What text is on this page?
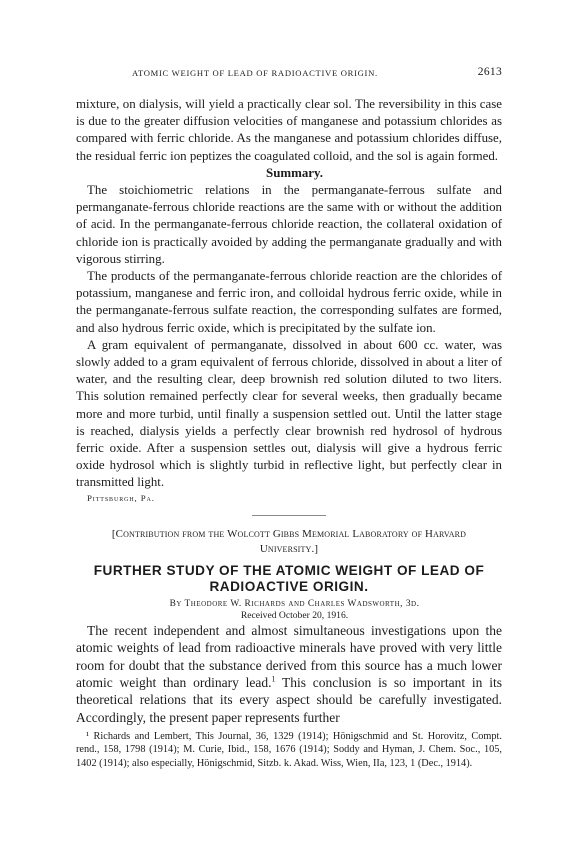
ATOMIC WEIGHT OF LEAD OF RADIOACTIVE ORIGIN.	2613

mixture, on dialysis, will yield a practically clear sol. The reversibility in this case is due to the greater diffusion velocities of manganese and potassium chlorides as compared with ferric chloride. As the manganese and potassium chlorides diffuse, the residual ferric ion peptizes the coagulated colloid, and the sol is again formed.

Summary.

The stoichiometric relations in the permanganate-ferrous sulfate and permanganate-ferrous chloride reactions are the same with or without the addition of acid. In the permanganate-ferrous chloride reaction, the collateral oxidation of chloride ion is practically avoided by adding the permanganate gradually and with vigorous stirring.

The products of the permanganate-ferrous chloride reaction are the chlorides of potassium, manganese and ferric iron, and colloidal hydrous ferric oxide, while in the permanganate-ferrous sulfate reaction, the corresponding sulfates are formed, and also hydrous ferric oxide, which is precipitated by the sulfate ion.

A gram equivalent of permanganate, dissolved in about 600 cc. water, was slowly added to a gram equivalent of ferrous chloride, dissolved in about a liter of water, and the resulting clear, deep brownish red solution diluted to two liters. This solution remained perfectly clear for several weeks, then gradually became more and more turbid, until finally a suspension settled out. Until the latter stage is reached, dialysis yields a perfectly clear brownish red hydrosol of hydrous ferric oxide. After a suspension settles out, dialysis will give a hydrous ferric oxide hydrosol which is slightly turbid in reflective light, but perfectly clear in transmitted light.

Pittsburgh, Pa.

[Contribution from the Wolcott Gibbs Memorial Laboratory of Harvard
University.]
FURTHER STUDY OF THE ATOMIC WEIGHT OF LEAD OF
RADIOACTIVE ORIGIN.

By Theodore W. Richards and Charles Wadsworth, 3d.

Received October 20, 1916.

The recent independent and almost simultaneous investigations upon the atomic weights of lead from radioactive minerals have proved with very little room for doubt that the substance derived from this source has a much lower atomic weight than ordinary lead.$^1$ This conclusion is so important in its theoretical relations that its every aspect should be carefully investigated. Accordingly, the present paper represents further

¹ Richards and Lembert, This Journal, 36, 1329 (1914); Hönigschmid and St. Horovitz, Compt. rend., 158, 1798 (1914); M. Curie, Ibid., 158, 1676 (1914); Soddy and Hyman, J. Chem. Soc., 105, 1402 (1914); also especially, Hönigschmid, Sitzb. k. Akad. Wiss, Wien, IIa, 123, 1 (Dec., 1914).
